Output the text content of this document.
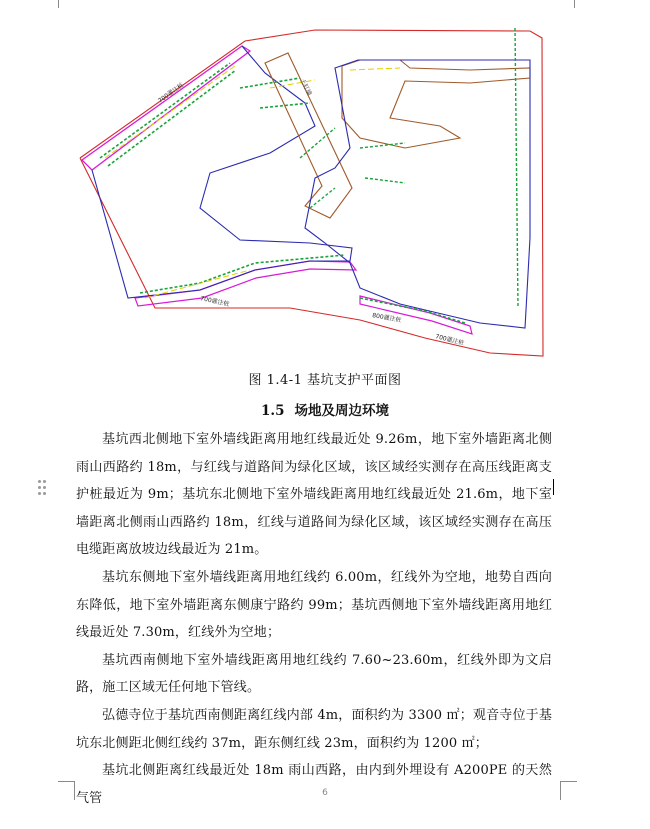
700灌注桩	土钉墙
700灌注桩
800灌注桩
700灌注桩
图 1.4-1 基坑支护平面图
1.5 场地及周边环境

基坑西北侧地下室外墙线距离用地红线最近处 9.26m，地下室外墙距离北侧雨山西路约 18m，与红线与道路间为绿化区域，该区域经实测存在高压线距离支护桩最近为 9m；基坑东北侧地下室外墙线距离用地红线最近处 21.6m，地下室墙距离北侧雨山西路约 18m，红线与道路间为绿化区域，该区域经实测存在高压电缆距离放坡边线最近为 21m。

基坑东侧地下室外墙线距离用地红线约 6.00m，红线外为空地，地势自西向东降低，地下室外墙距离东侧康宁路约 99m；基坑西侧地下室外墙线距离用地红线最近处 7.30m，红线外为空地；

基坑西南侧地下室外墙线距离用地红线约 7.60~23.60m，红线外即为文启路，施工区域无任何地下管线。

弘德寺位于基坑西南侧距离红线内部 4m，面积约为 3300 ㎡；观音寺位于基坑东北侧距北侧红线约 37m，距东侧红线 23m，面积约为 1200 ㎡；

基坑北侧距离红线最近处 18m 雨山西路，由内到外埋设有 A200PE 的天然气管	6
